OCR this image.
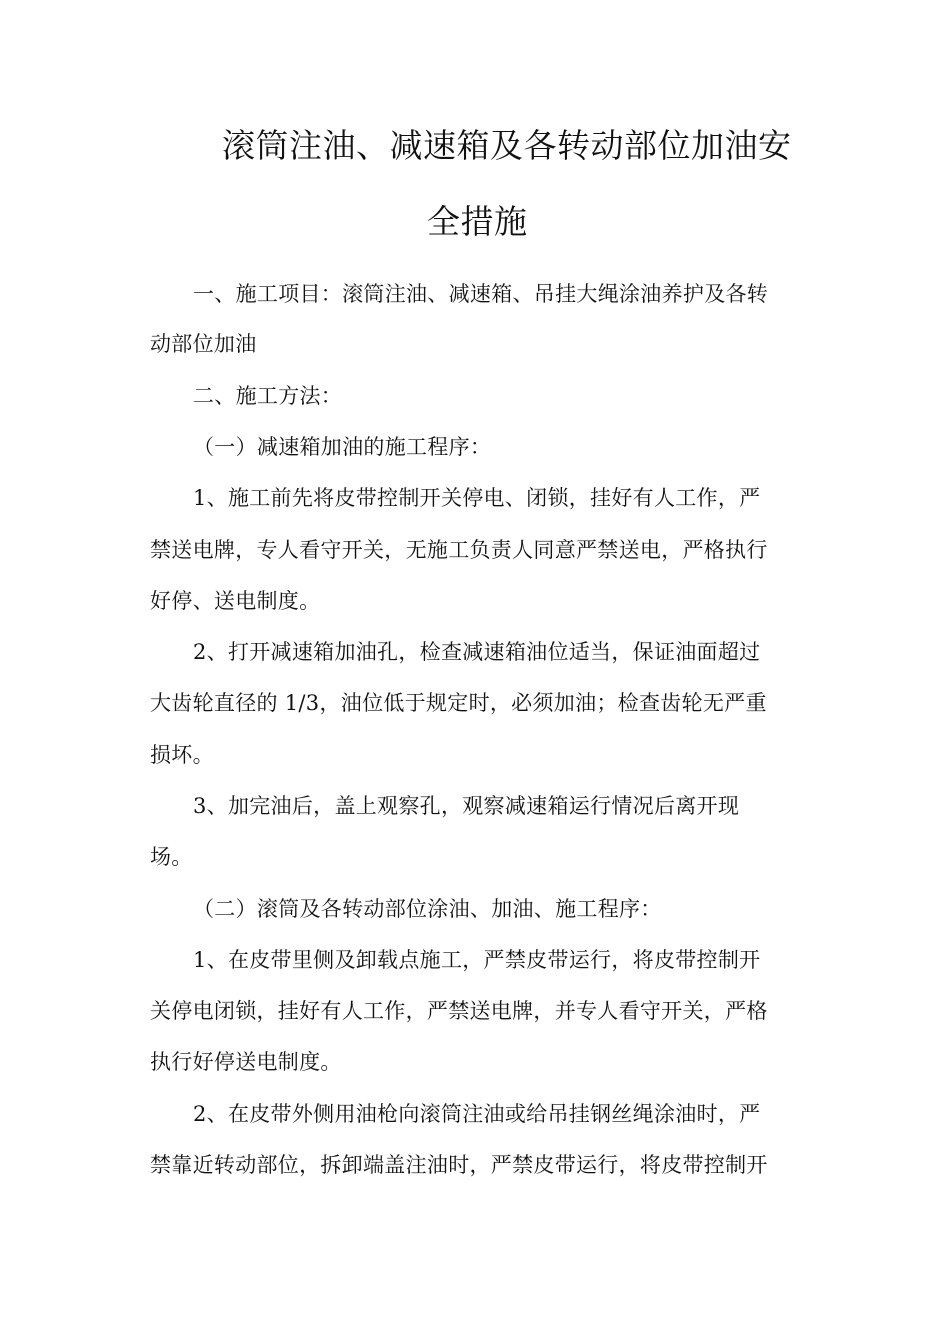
滚筒注油、减速箱及各转动部位加油安
全措施
一、施工项目：滚筒注油、减速箱、吊挂大绳涂油养护及各转
动部位加油
二、施工方法：
（一）减速箱加油的施工程序：
1、施工前先将皮带控制开关停电、闭锁，挂好有人工作，严
禁送电牌，专人看守开关，无施工负责人同意严禁送电，严格执行
好停、送电制度。
2、打开减速箱加油孔，检查减速箱油位适当，保证油面超过
大齿轮直径的 1/3，油位低于规定时，必须加油；检查齿轮无严重
损坏。
3、加完油后，盖上观察孔，观察减速箱运行情况后离开现
场。
（二）滚筒及各转动部位涂油、加油、施工程序：
1、在皮带里侧及卸载点施工，严禁皮带运行，将皮带控制开
关停电闭锁，挂好有人工作，严禁送电牌，并专人看守开关，严格
执行好停送电制度。
2、在皮带外侧用油枪向滚筒注油或给吊挂钢丝绳涂油时，严
禁靠近转动部位，拆卸端盖注油时，严禁皮带运行，将皮带控制开
